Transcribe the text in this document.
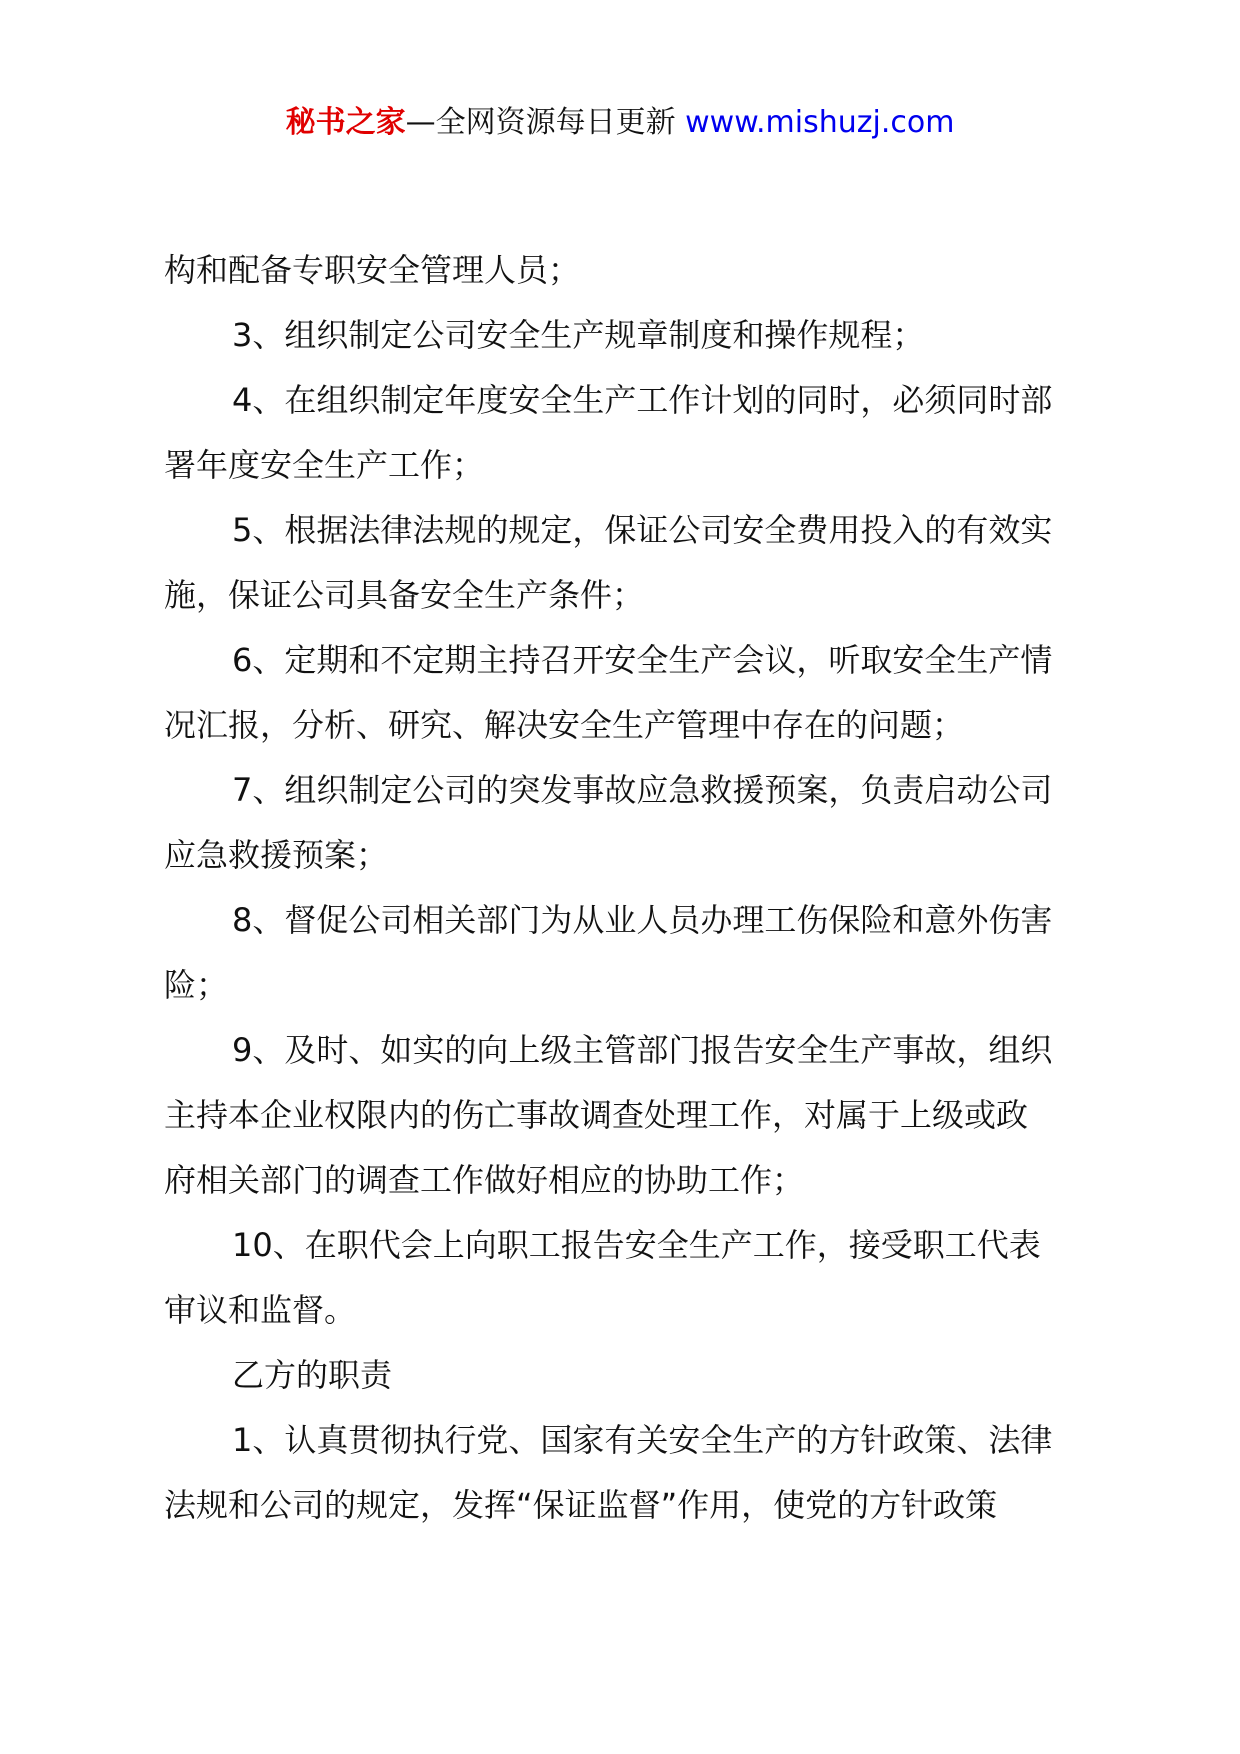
秘书之家—全网资源每日更新 www.mishuzj.com
构和配备专职安全管理人员；
3、组织制定公司安全生产规章制度和操作规程；
4、在组织制定年度安全生产工作计划的同时，必须同时部
署年度安全生产工作；
5、根据法律法规的规定，保证公司安全费用投入的有效实
施，保证公司具备安全生产条件；
6、定期和不定期主持召开安全生产会议，听取安全生产情
况汇报，分析、研究、解决安全生产管理中存在的问题；
7、组织制定公司的突发事故应急救援预案，负责启动公司
应急救援预案；
8、督促公司相关部门为从业人员办理工伤保险和意外伤害
险；
9、及时、如实的向上级主管部门报告安全生产事故，组织
主持本企业权限内的伤亡事故调查处理工作，对属于上级或政
府相关部门的调查工作做好相应的协助工作；
10、在职代会上向职工报告安全生产工作，接受职工代表
审议和监督。
乙方的职责
1、认真贯彻执行党、国家有关安全生产的方针政策、法律
法规和公司的规定，发挥“保证监督”作用，使党的方针政策
